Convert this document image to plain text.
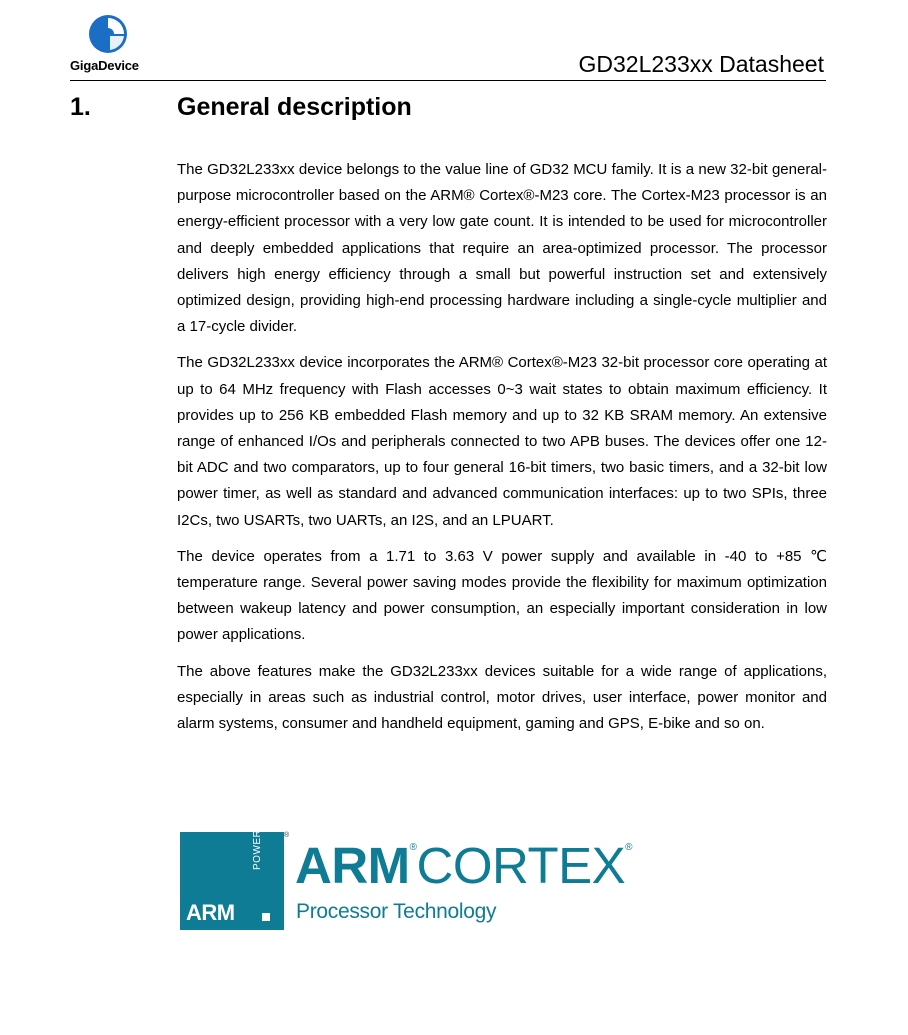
GigaDevice	GD32L233xx Datasheet
1.	General description

The GD32L233xx device belongs to the value line of GD32 MCU family. It is a new 32-bit general-purpose microcontroller based on the ARM® Cortex®-M23 core. The Cortex-M23 processor is an energy-efficient processor with a very low gate count. It is intended to be used for microcontroller and deeply embedded applications that require an area-optimized processor. The processor delivers high energy efficiency through a small but powerful instruction set and extensively optimized design, providing high-end processing hardware including a single-cycle multiplier and a 17-cycle divider.

The GD32L233xx device incorporates the ARM® Cortex®-M23 32-bit processor core operating at up to 64 MHz frequency with Flash accesses 0~3 wait states to obtain maximum efficiency. It provides up to 256 KB embedded Flash memory and up to 32 KB SRAM memory. An extensive range of enhanced I/Os and peripherals connected to two APB buses. The devices offer one 12-bit ADC and two comparators, up to four general 16-bit timers, two basic timers, and a 32-bit low power timer, as well as standard and advanced communication interfaces: up to two SPIs, three I2Cs, two USARTs, two UARTs, an I2S, and an LPUART.

The device operates from a 1.71 to 3.63 V power supply and available in -40 to +85 ℃ temperature range. Several power saving modes provide the flexibility for maximum optimization between wakeup latency and power consumption, an especially important consideration in low power applications.

The above features make the GD32L233xx devices suitable for a wide range of applications, especially in areas such as industrial control, motor drives, user interface, power monitor and alarm systems, consumer and handheld equipment, gaming and GPS, E-bike and so on.

POWERED
ARM
®
ARM®CORTEX®
Processor Technology
